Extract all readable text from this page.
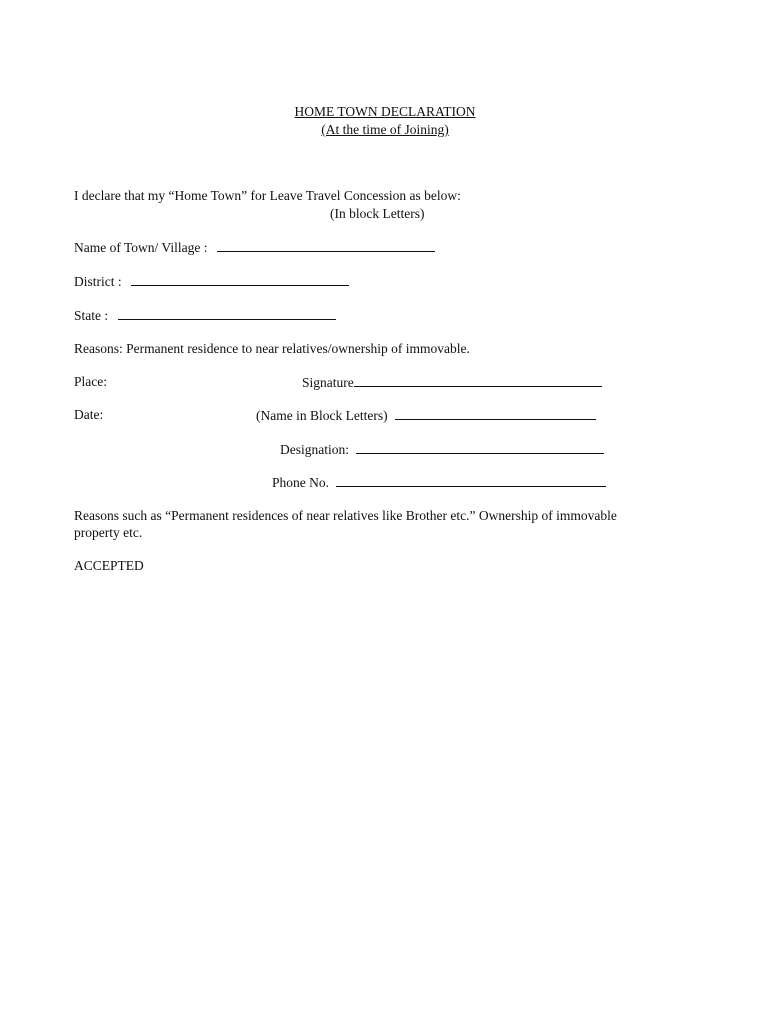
HOME TOWN DECLARATION
(At the time of Joining)
I declare that my “Home Town” for Leave Travel Concession as below:
(In block Letters)
Name of Town/ Village :
District :
State :
Reasons: Permanent residence to near relatives/ownership of immovable.
Place:	Signature
Date:	(Name in Block Letters)
Designation:
Phone No.
Reasons such as “Permanent residences of near relatives like Brother etc.” Ownership of immovable property etc.
ACCEPTED
